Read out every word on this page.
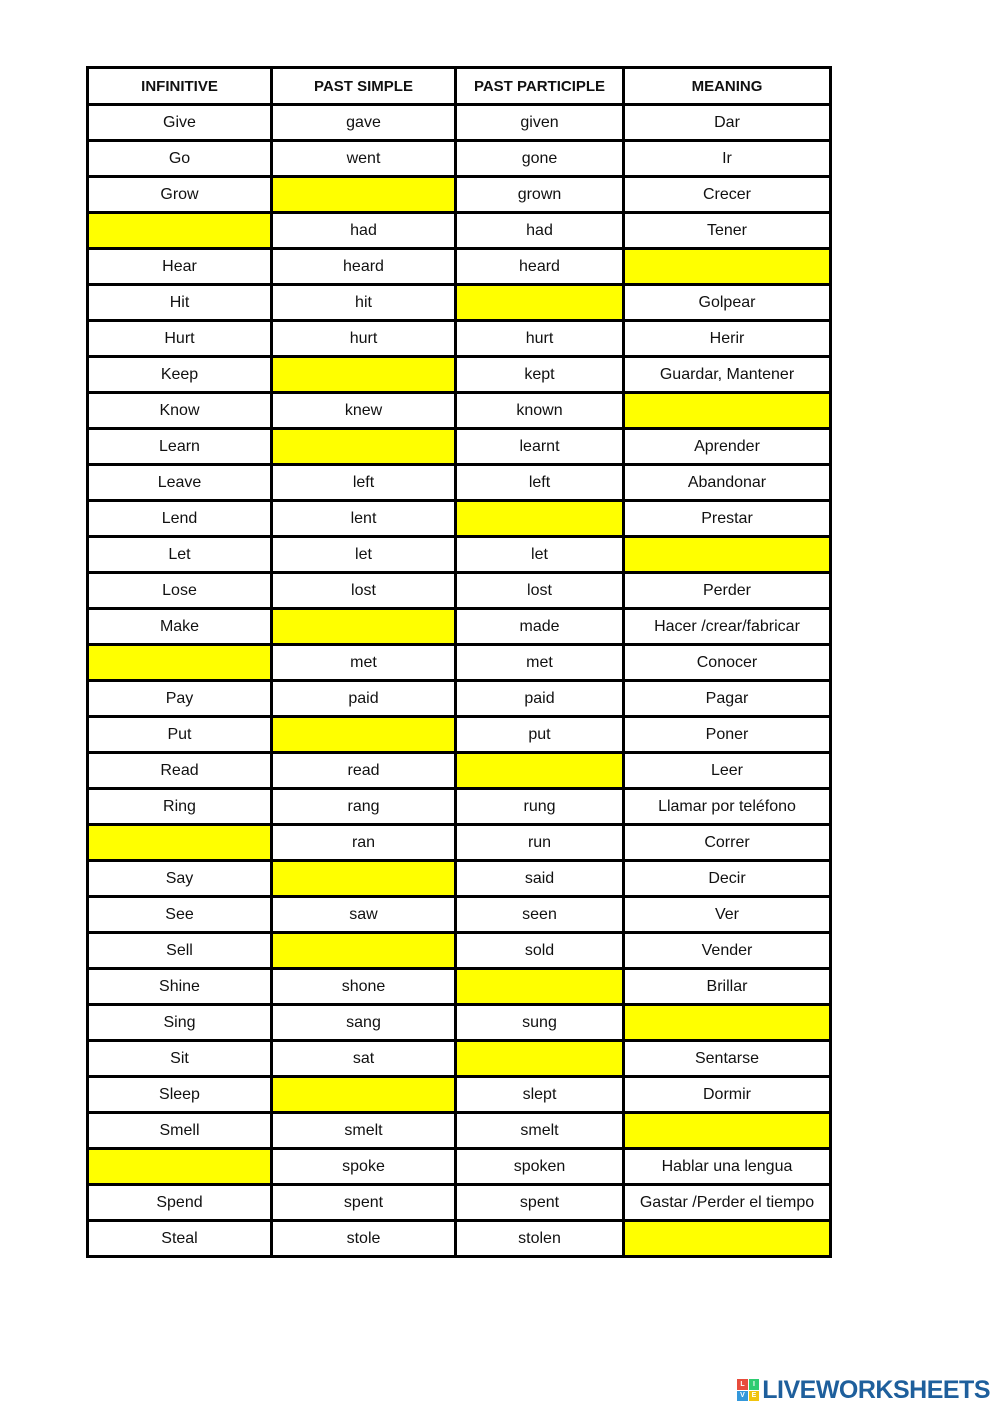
INFINITIVE	PAST SIMPLE	PAST PARTICIPLE	MEANING
Give	gave	given	Dar
Go	went	gone	Ir
Grow		grown	Crecer
	had	had	Tener
Hear	heard	heard	
Hit	hit		Golpear
Hurt	hurt	hurt	Herir
Keep		kept	Guardar, Mantener
Know	knew	known	
Learn		learnt	Aprender
Leave	left	left	Abandonar
Lend	lent		Prestar
Let	let	let	
Lose	lost	lost	Perder
Make		made	Hacer /crear/fabricar
	met	met	Conocer
Pay	paid	paid	Pagar
Put		put	Poner
Read	read		Leer
Ring	rang	rung	Llamar por teléfono
	ran	run	Correr
Say		said	Decir
See	saw	seen	Ver
Sell		sold	Vender
Shine	shone		Brillar
Sing	sang	sung	
Sit	sat		Sentarse
Sleep		slept	Dormir
Smell	smelt	smelt	
	spoke	spoken	Hablar una lengua
Spend	spent	spent	Gastar /Perder el tiempo
Steal	stole	stolen	
L	I
V E LIVEWORKSHEETS
